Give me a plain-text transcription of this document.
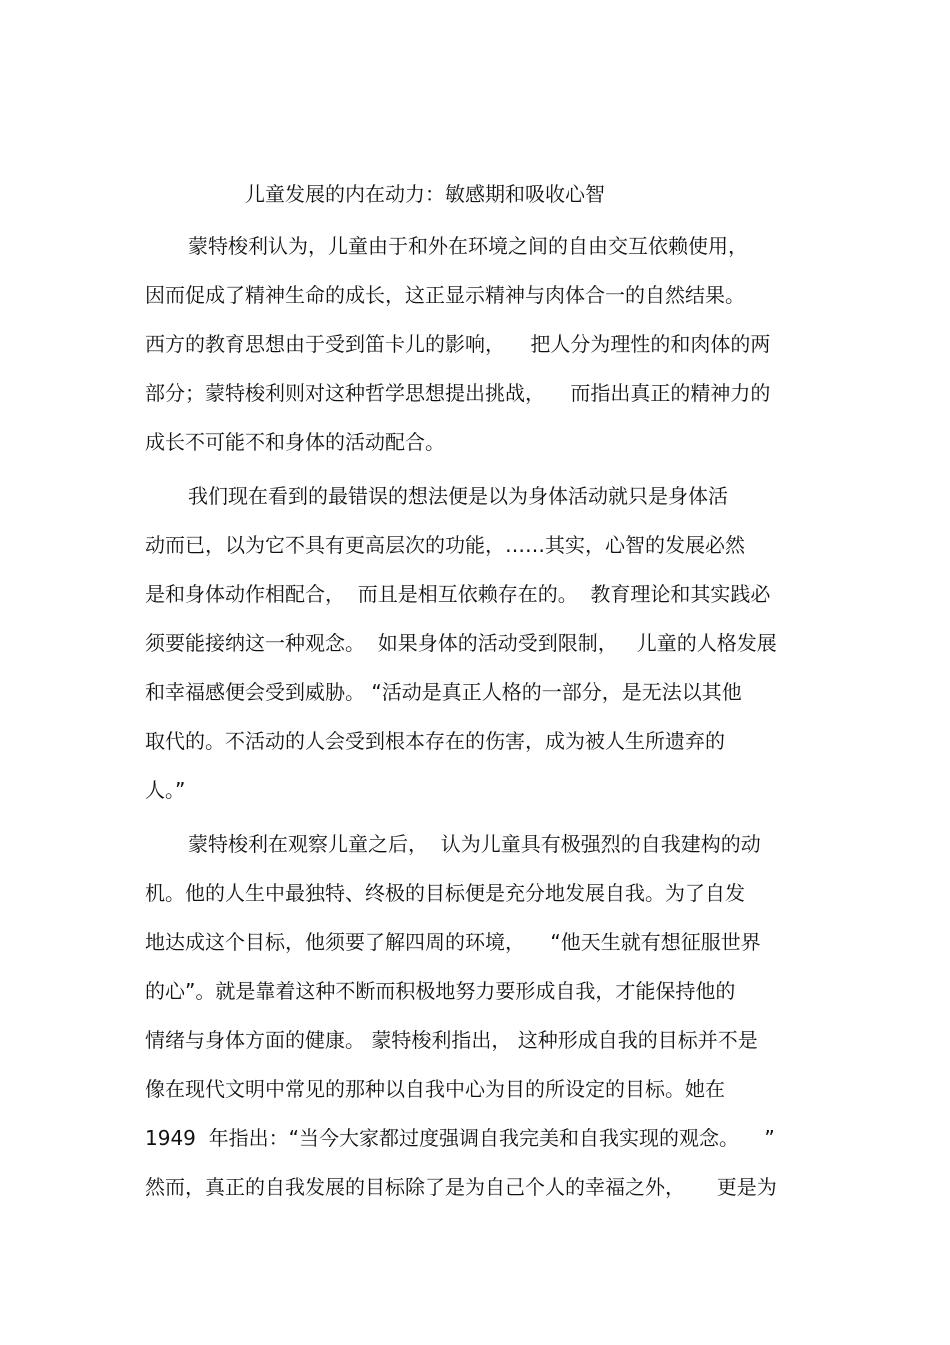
儿童发展的内在动力：敏感期和吸收心智
蒙特梭利认为，儿童由于和外在环境之间的自由交互依赖使用，
因而促成了精神生命的成长，这正显示精神与肉体合一的自然结果。
西方的教育思想由于受到笛卡儿的影响，    把人分为理性的和肉体的两
部分；蒙特梭利则对这种哲学思想提出挑战，    而指出真正的精神力的
成长不可能不和身体的活动配合。
我们现在看到的最错误的想法便是以为身体活动就只是身体活
动而已，以为它不具有更高层次的功能，……其实，心智的发展必然
是和身体动作相配合，  而且是相互依赖存在的。  教育理论和其实践必
须要能接纳这一种观念。  如果身体的活动受到限制，   儿童的人格发展
和幸福感便会受到威胁。 “活动是真正人格的一部分，是无法以其他
取代的。不活动的人会受到根本存在的伤害，成为被人生所遗弃的
人。”
蒙特梭利在观察儿童之后，  认为儿童具有极强烈的自我建构的动
机。他的人生中最独特、终极的目标便是充分地发展自我。为了自发
地达成这个目标，他须要了解四周的环境，    “他天生就有想征服世界
的心”。就是靠着这种不断而积极地努力要形成自我，才能保持他的
情绪与身体方面的健康。 蒙特梭利指出， 这种形成自我的目标并不是
像在现代文明中常见的那种以自我中心为目的所设定的目标。她在
1949  年指出：“当今大家都过度强调自我完美和自我实现的观念。    ”
然而，真正的自我发展的目标除了是为自己个人的幸福之外，     更是为
